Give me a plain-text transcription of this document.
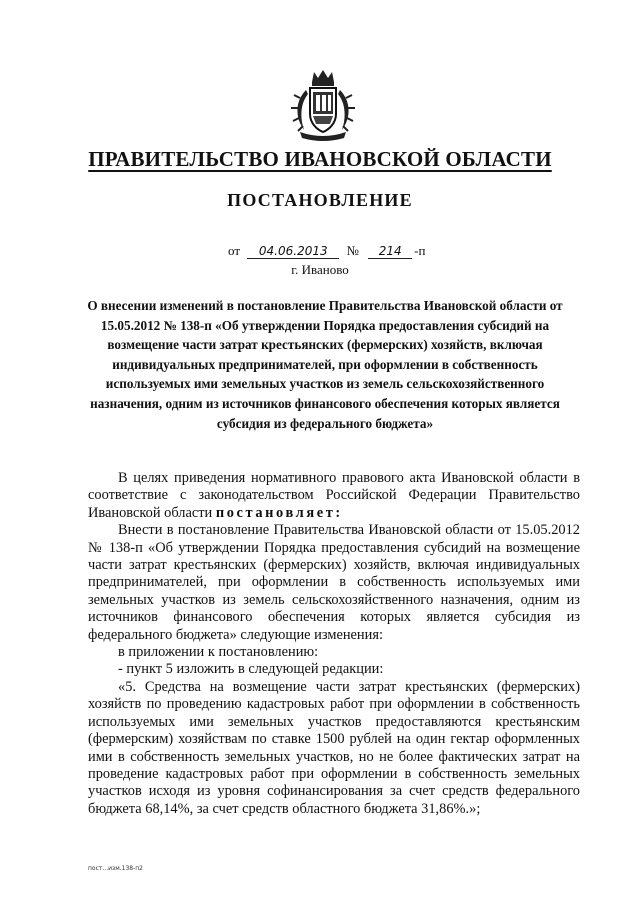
ПРАВИТЕЛЬСТВО ИВАНОВСКОЙ ОБЛАСТИ
ПОСТАНОВЛЕНИЕ
от 04.06.2013 № 214 -п
г. Иваново
О внесении изменений в постановление Правительства Ивановской области от 15.05.2012 № 138-п «Об утверждении Порядка предоставления субсидий на возмещение части затрат крестьянских (фермерских) хозяйств, включая индивидуальных предпринимателей, при оформлении в собственность используемых ими земельных участков из земель сельскохозяйственного назначения, одним из источников финансового обеспечения которых является субсидия из федерального бюджета»

В целях приведения нормативного правового акта Ивановской области в соответствие с законодательством Российской Федерации Правительство Ивановской области постановляет:

Внести в постановление Правительства Ивановской области от 15.05.2012 № 138-п «Об утверждении Порядка предоставления субсидий на возмещение части затрат крестьянских (фермерских) хозяйств, включая индивидуальных предпринимателей, при оформлении в собственность используемых ими земельных участков из земель сельскохозяйственного назначения, одним из источников финансового обеспечения которых является субсидия из федерального бюджета» следующие изменения:

в приложении к постановлению:

- пункт 5 изложить в следующей редакции:

«5. Средства на возмещение части затрат крестьянских (фермерских) хозяйств по проведению кадастровых работ при оформлении в собственность используемых ими земельных участков предоставляются крестьянским (фермерским) хозяйствам по ставке 1500 рублей на один гектар оформленных ими в собственность земельных участков, но не более фактических затрат на проведение кадастровых работ при оформлении в собственность земельных участков исходя из уровня софинансирования за счет средств федерального бюджета 68,14%, за счет средств областного бюджета 31,86%.»;

пост...изм.138-п2
